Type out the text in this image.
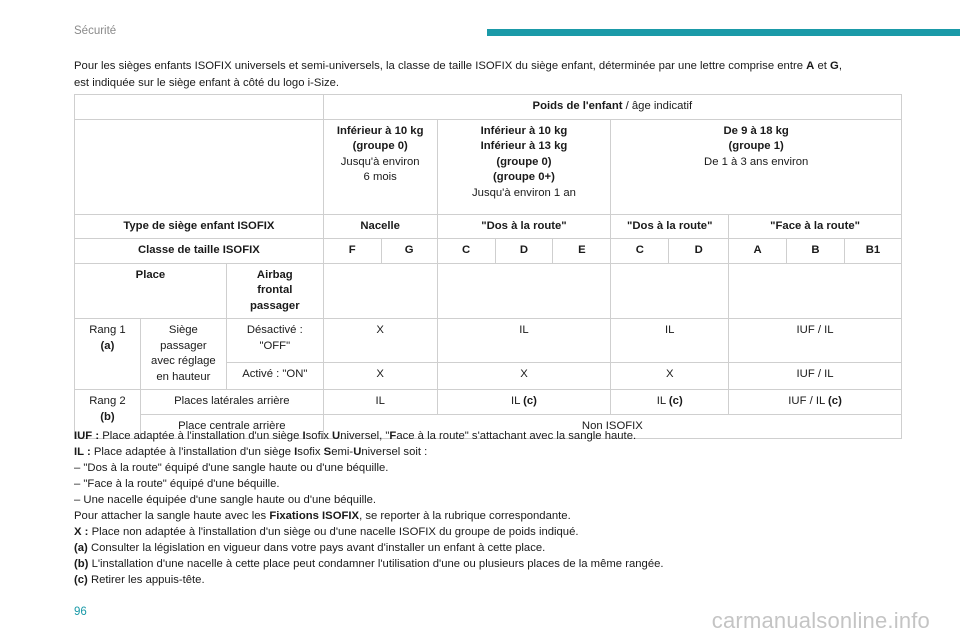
Sécurité
Pour les sièges enfants ISOFIX universels et semi-universels, la classe de taille ISOFIX du siège enfant, déterminée par une lettre comprise entre A et G,
est indiquée sur le siège enfant à côté du logo i-Size.
			Poids de l'enfant / âge indicatif									
			Inférieur à 10 kg
(groupe 0)
Jusqu'à environ
6 mois		Inférieur à 10 kg
Inférieur à 13 kg
(groupe 0)
(groupe 0+)
Jusqu'à environ 1 an			De 9 à 18 kg
(groupe 1)
De 1 à 3 ans environ				
Type de siège enfant ISOFIX			Nacelle		"Dos à la route"			"Dos à la route"		"Face à la route"		
Classe de taille ISOFIX			F	G	C	D	E	C	D	A	B	B1
Place		Airbag
frontal
passager										
Rang 1
(a)	Siège
passager
avec réglage
en hauteur	Désactivé :
"OFF"	X		IL			IL		IUF / IL		
		Activé : "ON"	X		X			X		IUF / IL		
Rang 2
(b)	Places latérales arrière		IL		IL (c)			IL (c)		IUF / IL (c)		
	Place centrale arrière		Non ISOFIX									
IUF : Place adaptée à l'installation d'un siège Isofix Universel, "Face à la route" s'attachant avec la sangle haute.
IL : Place adaptée à l'installation d'un siège Isofix Semi-Universel soit :
– "Dos à la route" équipé d'une sangle haute ou d'une béquille.
– "Face à la route" équipé d'une béquille.
– Une nacelle équipée d'une sangle haute ou d'une béquille.
Pour attacher la sangle haute avec les Fixations ISOFIX, se reporter à la rubrique correspondante.
X : Place non adaptée à l'installation d'un siège ou d'une nacelle ISOFIX du groupe de poids indiqué.
(a) Consulter la législation en vigueur dans votre pays avant d'installer un enfant à cette place.
(b) L'installation d'une nacelle à cette place peut condamner l'utilisation d'une ou plusieurs places de la même rangée.
(c) Retirer les appuis-tête.
96	carmanualsonline.info
